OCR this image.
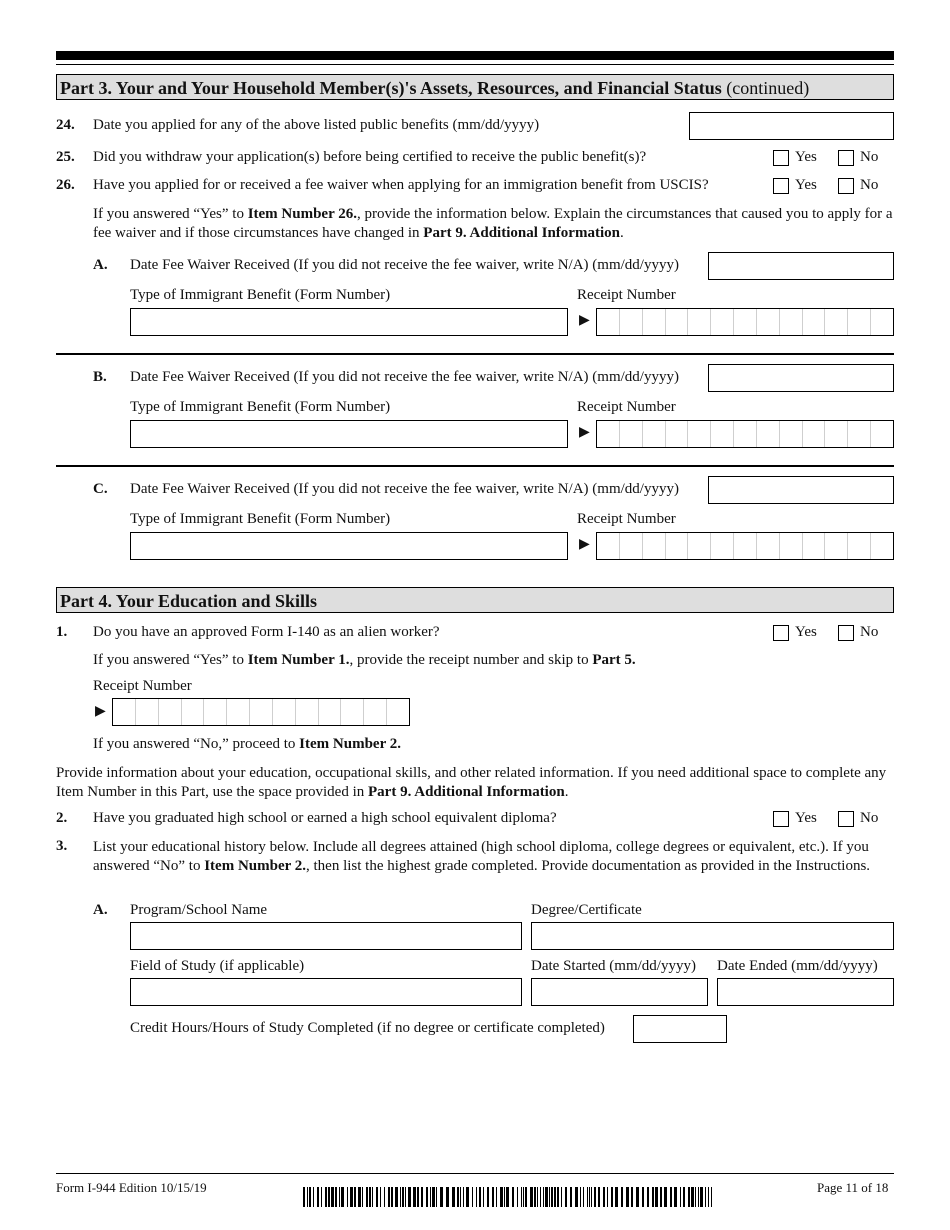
Part 3. Your and Your Household Member(s)'s Assets, Resources, and Financial Status (continued)
24. Date you applied for any of the above listed public benefits (mm/dd/yyyy)
25. Did you withdraw your application(s) before being certified to receive the public benefit(s)?	Yes	No
26. Have you applied for or received a fee waiver when applying for an immigration benefit from USCIS?	Yes	No
If you answered “Yes” to Item Number 26., provide the information below. Explain the circumstances that caused you to apply for a fee waiver and if those circumstances have changed in Part 9. Additional Information.
A. Date Fee Waiver Received (If you did not receive the fee waiver, write N/A) (mm/dd/yyyy)
Type of Immigrant Benefit (Form Number)	Receipt Number
▶
B. Date Fee Waiver Received (If you did not receive the fee waiver, write N/A) (mm/dd/yyyy)
Type of Immigrant Benefit (Form Number)	Receipt Number
▶
C. Date Fee Waiver Received (If you did not receive the fee waiver, write N/A) (mm/dd/yyyy)
Type of Immigrant Benefit (Form Number)	Receipt Number
▶
Part 4. Your Education and Skills
1. Do you have an approved Form I-140 as an alien worker?	Yes	No
If you answered “Yes” to Item Number 1., provide the receipt number and skip to Part 5.
Receipt Number
▶
If you answered “No,” proceed to Item Number 2.
Provide information about your education, occupational skills, and other related information. If you need additional space to complete any Item Number in this Part, use the space provided in Part 9. Additional Information.
2. Have you graduated high school or earned a high school equivalent diploma?	Yes	No
3. List your educational history below. Include all degrees attained (high school diploma, college degrees or equivalent, etc.). If you answered “No” to Item Number 2., then list the highest grade completed. Provide documentation as provided in the Instructions.
A. Program/School Name	Degree/Certificate
Field of Study (if applicable)	Date Started (mm/dd/yyyy) Date Ended (mm/dd/yyyy)
Credit Hours/Hours of Study Completed (if no degree or certificate completed)
Form I-944 Edition 10/15/19	Page 11 of 18
